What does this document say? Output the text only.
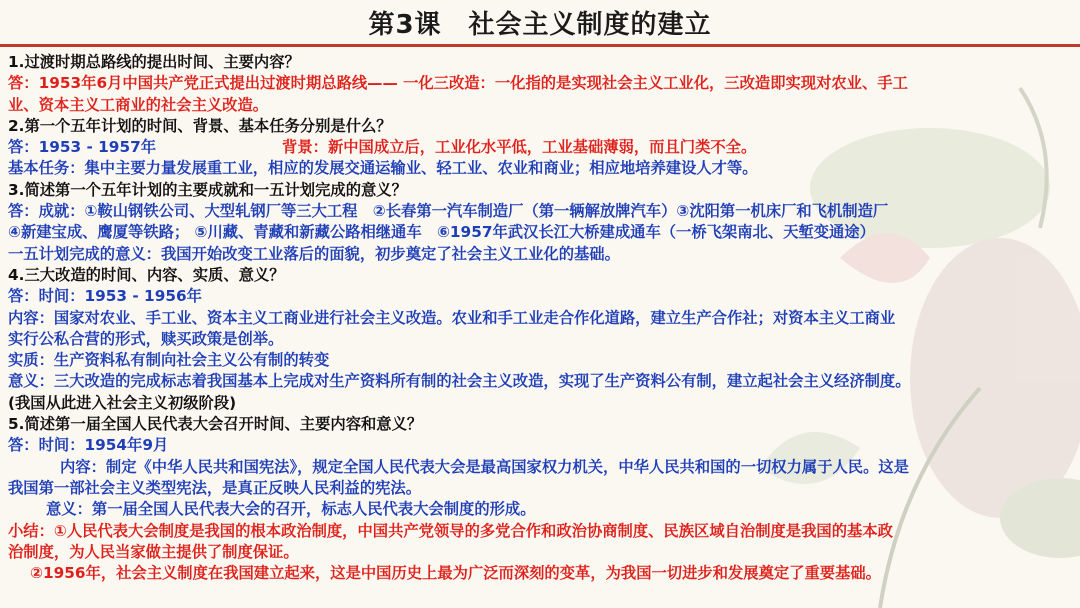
第3课　社会主义制度的建立
1.过渡时期总路线的提出时间、主要内容？
答：1953年6月中国共产党正式提出过渡时期总路线—— 一化三改造：一化指的是实现社会主义工业化，三改造即实现对农业、手工
业、资本主义工商业的社会主义改造。
2.第一个五年计划的时间、背景、基本任务分别是什么？
答：1953 - 1957年	背景：新中国成立后，工业化水平低，工业基础薄弱，而且门类不全。
基本任务：集中主要力量发展重工业，相应的发展交通运输业、轻工业、农业和商业；相应地培养建设人才等。
3.简述第一个五年计划的主要成就和一五计划完成的意义？
答：成就：①鞍山钢铁公司、大型轧钢厂等三大工程　②长春第一汽车制造厂（第一辆解放牌汽车）③沈阳第一机床厂和飞机制造厂
④新建宝成、鹰厦等铁路； ⑤川藏、青藏和新藏公路相继通车　⑥1957年武汉长江大桥建成通车（一桥飞架南北、天堑变通途）
一五计划完成的意义：我国开始改变工业落后的面貌，初步奠定了社会主义工业化的基础。
4.三大改造的时间、内容、实质、意义？
答：时间：1953 - 1956年
内容：国家对农业、手工业、资本主义工商业进行社会主义改造。农业和手工业走合作化道路，建立生产合作社；对资本主义工商业
实行公私合营的形式，赎买政策是创举。
实质：生产资料私有制向社会主义公有制的转变
意义：三大改造的完成标志着我国基本上完成对生产资料所有制的社会主义改造，实现了生产资料公有制，建立起社会主义经济制度。
(我国从此进入社会主义初级阶段)
5.简述第一届全国人民代表大会召开时间、主要内容和意义？
答：时间：1954年9月
内容：制定《中华人民共和国宪法》，规定全国人民代表大会是最高国家权力机关，中华人民共和国的一切权力属于人民。这是
我国第一部社会主义类型宪法，是真正反映人民利益的宪法。
意义：第一届全国人民代表大会的召开，标志人民代表大会制度的形成。
小结：①人民代表大会制度是我国的根本政治制度，中国共产党领导的多党合作和政治协商制度、民族区域自治制度是我国的基本政
治制度，为人民当家做主提供了制度保证。
②1956年，社会主义制度在我国建立起来，这是中国历史上最为广泛而深刻的变革，为我国一切进步和发展奠定了重要基础。
